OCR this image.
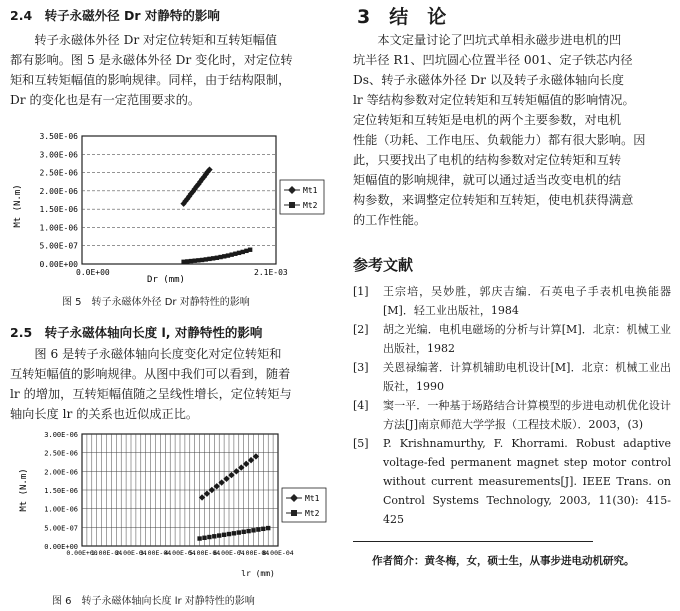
2.4　转子永磁外径 Dr 对静特的影响
转子永磁体外径 Dr 对定位转矩和互转矩幅值
都有影响。图 5 是永磁体外径 Dr 变化时，对定位转
矩和互转矩幅值的影响规律。同样，由于结构限制，
Dr 的变化也是有一定范围要求的。
0.00E+00
5.00E-07
1.00E-06
1.50E-06
2.00E-06
2.50E-06
3.00E-06
3.50E-06
0.0E+00	2.1E-03
Mt (N.m)
Dr (mm)
Mt1
Mt2
图 5　转子永磁体外径 Dr 对静特性的影响
2.5　转子永磁体轴向长度 l, 对静特性的影响
图 6 是转子永磁体轴向长度变化对定位转矩和
互转矩幅值的影响规律。从图中我们可以看到，随着
lr 的增加，互转矩幅值随之呈线性增长，定位转矩与
轴向长度 lr 的关系也近似成正比。
0.00E+00
5.00E-07
1.00E-06
1.50E-06
2.00E-06
2.50E-06
3.00E-06
0.00E+00
1.00E-04
2.00E-04
3.00E-04
4.00E-04
5.00E-04
6.00E-04
7.00E-04
8.00E-04
Mt (N.m)
lr (mm)
Mt1
Mt2
图 6　转子永磁体轴向长度 lr 对静特性的影响
3　结　论
本文定量讨论了凹坑式单相永磁步进电机的凹
坑半径 R1、凹坑圆心位置半径 001、定子铁芯内径
Ds、转子永磁体外径 Dr 以及转子永磁体轴向长度
lr 等结构参数对定位转矩和互转矩幅值的影响情况。
定位转矩和互转矩是电机的两个主要参数，对电机
性能（功耗、工作电压、负载能力）都有很大影响。因
此，只要找出了电机的结构参数对定位转矩和互转
矩幅值的影响规律，就可以通过适当改变电机的结
构参数，来调整定位转矩和互转矩，使电机获得满意
的工作性能。
参考文献
[1]	王宗培，吴妙胜，郭庆吉编．石英电子手表机电换能器[M]．轻工业出版社，1984
[2]	胡之光编．电机电磁场的分析与计算[M]．北京：机械工业出版社，1982
[3]	关恩禄编著．计算机辅助电机设计[M]．北京：机械工业出版社，1990
[4]	窦一平．一种基于场路结合计算模型的步进电动机优化设计方法[J]南京师范大学学报（工程技术版）．2003，(3)
[5]	P. Krishnamurthy, F. Khorrami. Robust adaptive voltage-fed permanent magnet step motor control without current measurements[J]. IEEE Trans. on Control Systems Technology, 2003, 11(30): 415-425
作者简介：黄冬梅，女，硕士生，从事步进电动机研究。
